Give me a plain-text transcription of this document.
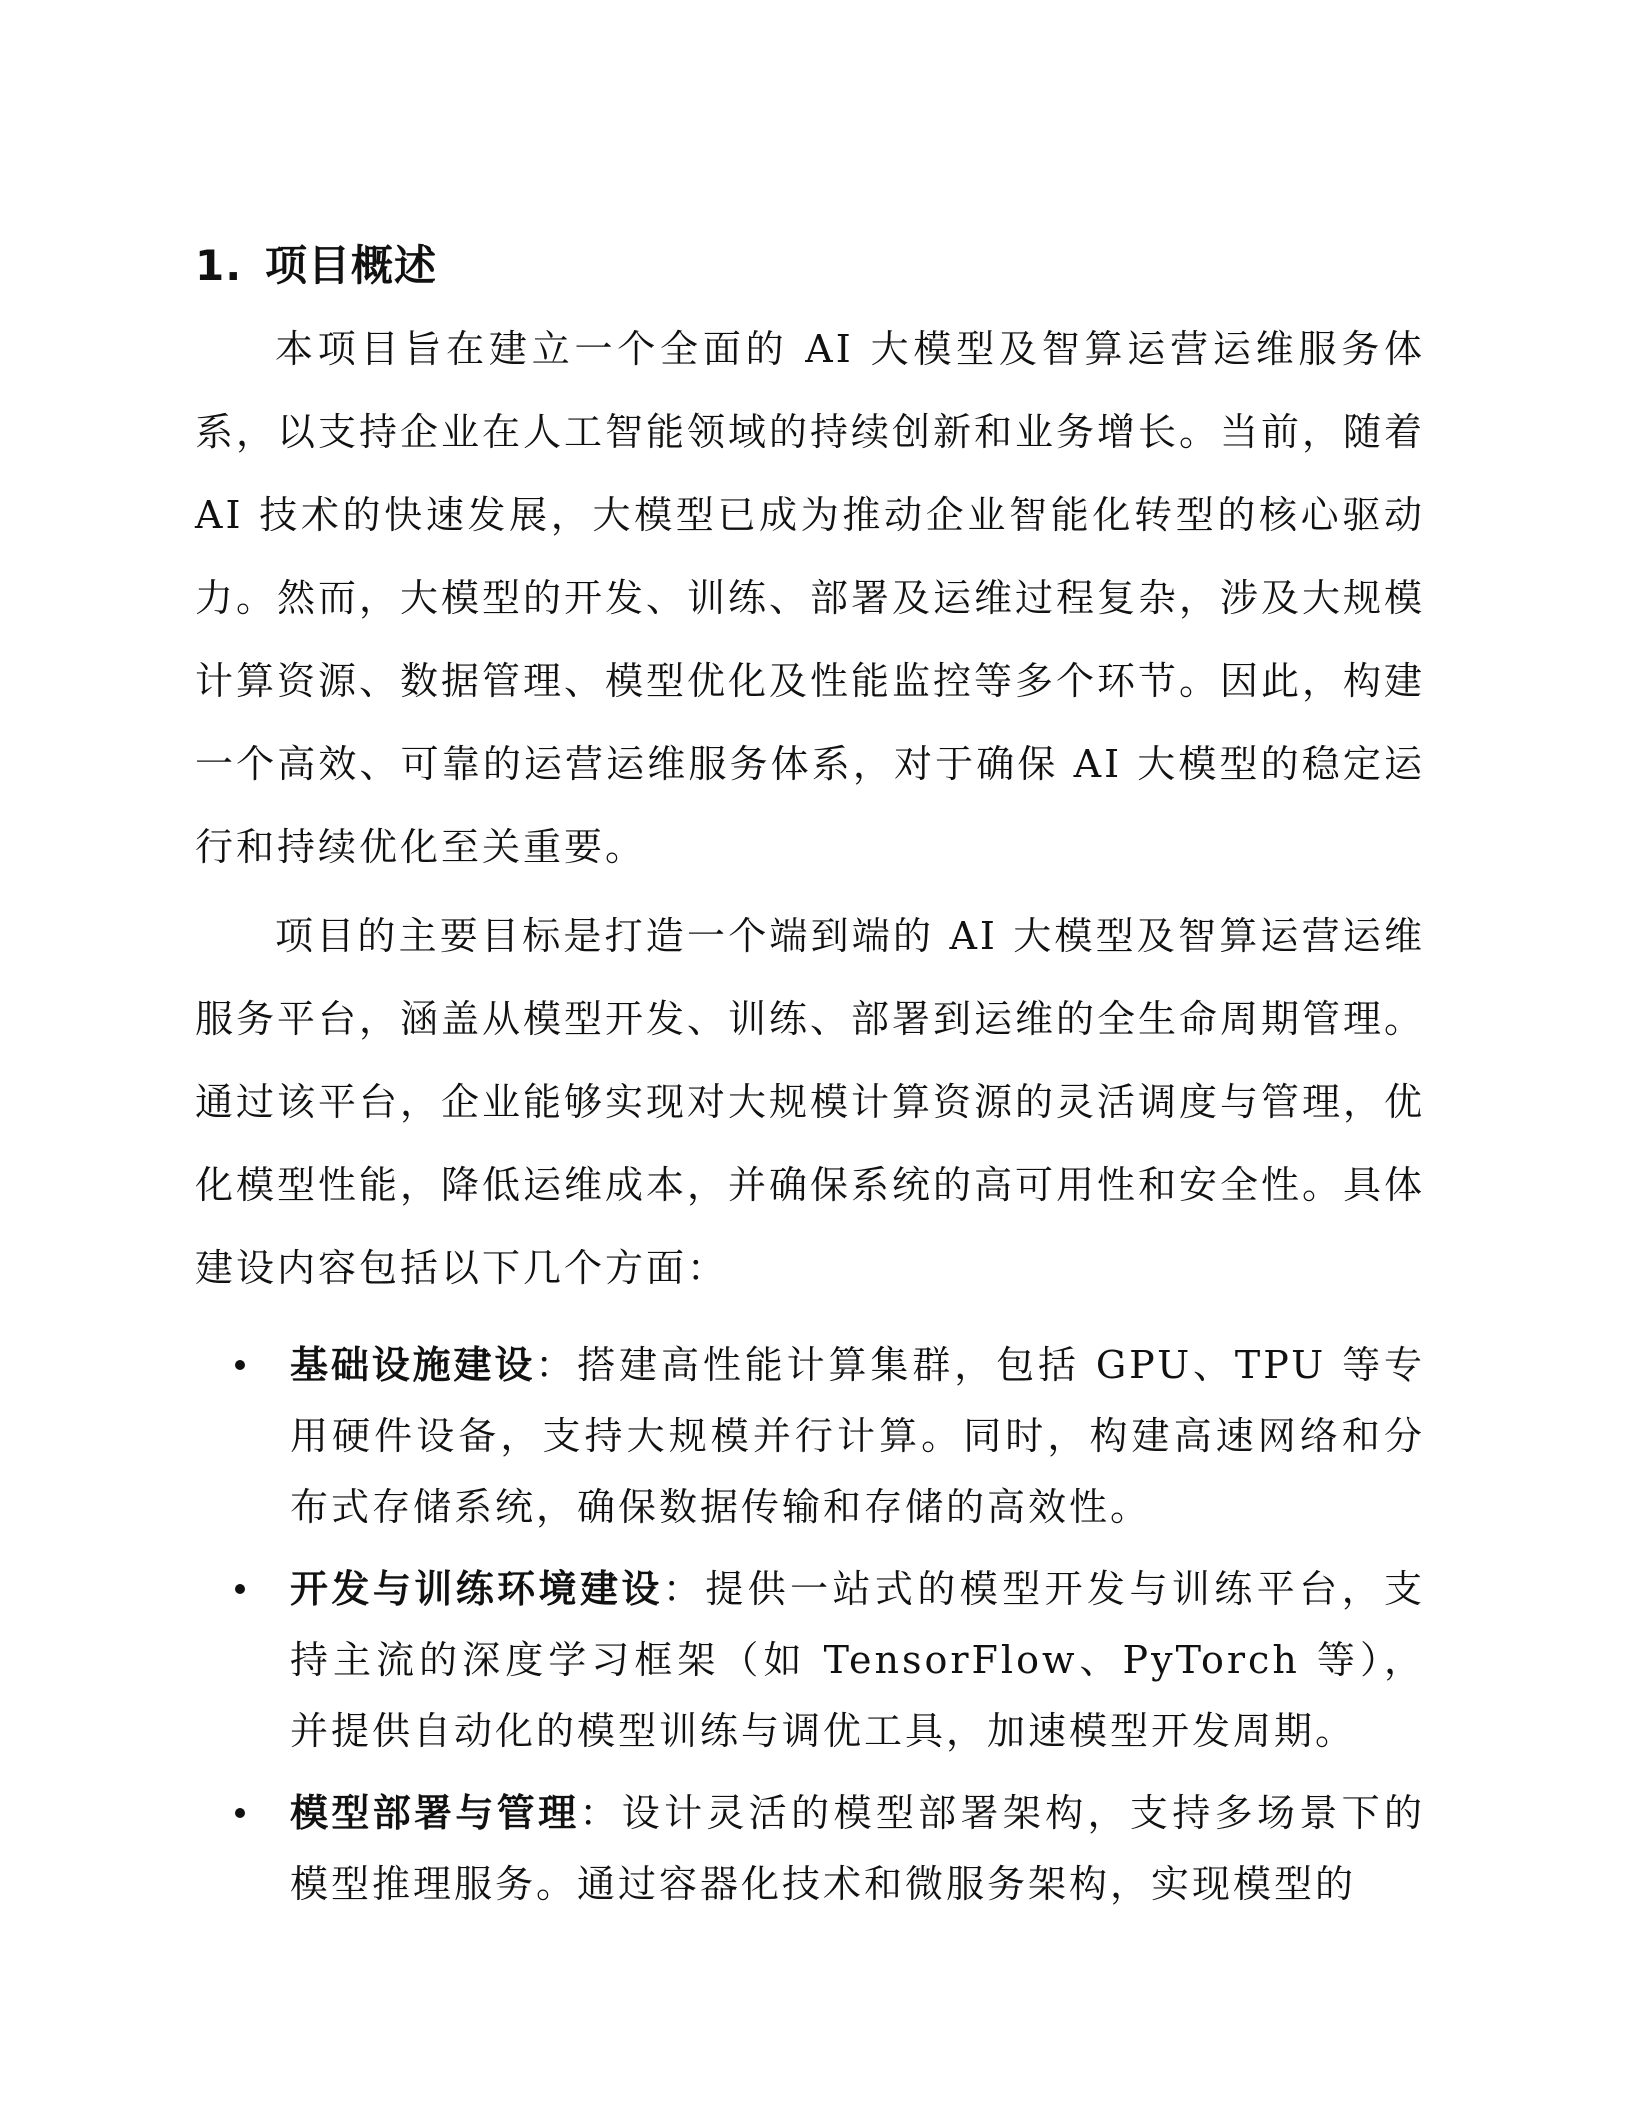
1. 项目概述

本项目旨在建立一个全面的 AI 大模型及智算运营运维服务体系，以支持企业在人工智能领域的持续创新和业务增长。当前，随着 AI 技术的快速发展，大模型已成为推动企业智能化转型的核心驱动力。然而，大模型的开发、训练、部署及运维过程复杂，涉及大规模计算资源、数据管理、模型优化及性能监控等多个环节。因此，构建一个高效、可靠的运营运维服务体系，对于确保 AI 大模型的稳定运行和持续优化至关重要。

项目的主要目标是打造一个端到端的 AI 大模型及智算运营运维服务平台，涵盖从模型开发、训练、部署到运维的全生命周期管理。通过该平台，企业能够实现对大规模计算资源的灵活调度与管理，优化模型性能，降低运维成本，并确保系统的高可用性和安全性。具体建设内容包括以下几个方面：

基础设施建设：搭建高性能计算集群，包括 GPU、TPU 等专用硬件设备，支持大规模并行计算。同时，构建高速网络和分布式存储系统，确保数据传输和存储的高效性。
开发与训练环境建设：提供一站式的模型开发与训练平台，支持主流的深度学习框架（如 TensorFlow、PyTorch 等），并提供自动化的模型训练与调优工具，加速模型开发周期。
模型部署与管理：设计灵活的模型部署架构，支持多场景下的模型推理服务。通过容器化技术和微服务架构，实现模型的
